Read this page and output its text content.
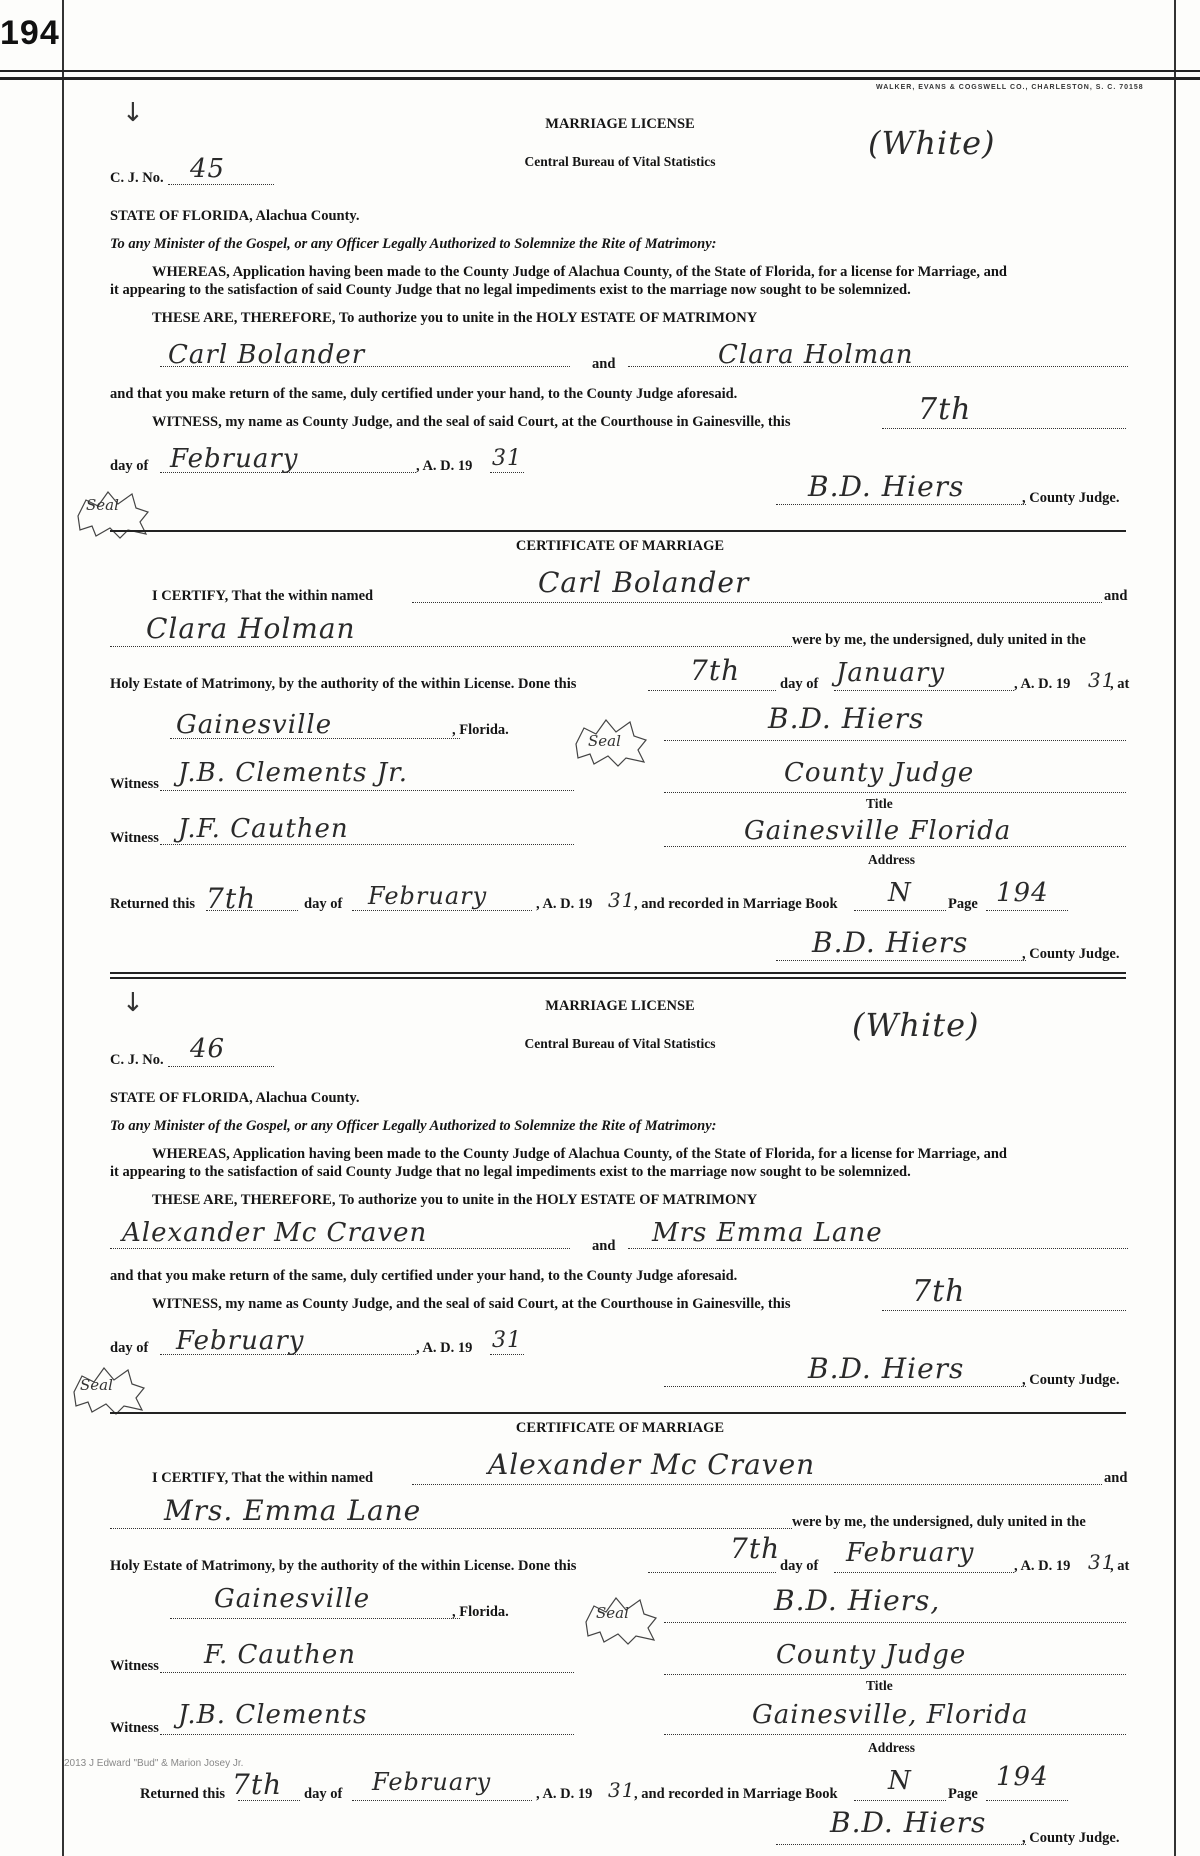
194
WALKER, EVANS & COGSWELL CO., CHARLESTON, S. C. 70158
↓	MARRIAGE LICENSE
Central Bureau of Vital Statistics	(White)
C. J. No. 45
STATE OF FLORIDA, Alachua County.
To any Minister of the Gospel, or any Officer Legally Authorized to Solemnize the Rite of Matrimony:
WHEREAS, Application having been made to the County Judge of Alachua County, of the State of Florida, for a license for Marriage, and
it appearing to the satisfaction of said County Judge that no legal impediments exist to the marriage now sought to be solemnized.
THESE ARE, THEREFORE, To authorize you to unite in the HOLY ESTATE OF MATRIMONY
Carl Bolander	and	Clara Holman
and that you make return of the same, duly certified under your hand, to the County Judge aforesaid.
WITNESS, my name as County Judge, and the seal of said Court, at the Courthouse in Gainesville, this	7th
day of February	, A. D. 19 31
Seal
B.D. Hiers	, County Judge.
CERTIFICATE OF MARRIAGE
I CERTIFY, That the within named	Carl Bolander	and
Clara Holman	were by me, the undersigned, duly united in the
Holy Estate of Matrimony, by the authority of the within License. Done this	7th	day of January	, A. D. 19 31
, at
Gainesville	, Florida.
Seal
B.D. Hiers
Witness J.B. Clements Jr.	County Judge
Title
Witness J.F. Cauthen	Gainesville Florida
Address
Returned this 7th	day of February	, A. D. 19 31
, and recorded in Marriage Book N	Page 194
B.D. Hiers	, County Judge.
↓	MARRIAGE LICENSE
Central Bureau of Vital Statistics	(White)
C. J. No. 46
STATE OF FLORIDA, Alachua County.
To any Minister of the Gospel, or any Officer Legally Authorized to Solemnize the Rite of Matrimony:
WHEREAS, Application having been made to the County Judge of Alachua County, of the State of Florida, for a license for Marriage, and
it appearing to the satisfaction of said County Judge that no legal impediments exist to the marriage now sought to be solemnized.
THESE ARE, THEREFORE, To authorize you to unite in the HOLY ESTATE OF MATRIMONY
Alexander Mc Craven	and Mrs Emma Lane
and that you make return of the same, duly certified under your hand, to the County Judge aforesaid.
WITNESS, my name as County Judge, and the seal of said Court, at the Courthouse in Gainesville, this	7th
day of February	, A. D. 19 31
Seal	B.D. Hiers	, County Judge.
CERTIFICATE OF MARRIAGE
I CERTIFY, That the within named	Alexander Mc Craven	and
Mrs. Emma Lane	were by me, the undersigned, duly united in the
Holy Estate of Matrimony, by the authority of the within License. Done this
7th
day of February	, A. D. 19 31
, at
Gainesville	, Florida.	Seal	B.D. Hiers,
Witness F. Cauthen	County Judge
Title
Witness J.B. Clements	Gainesville, Florida
Address
Returned this 7th day of February	, A. D. 19 31
, and recorded in Marriage Book N	Page
194
B.D. Hiers , County Judge.
2013 J Edward "Bud" & Marion Josey Jr.
